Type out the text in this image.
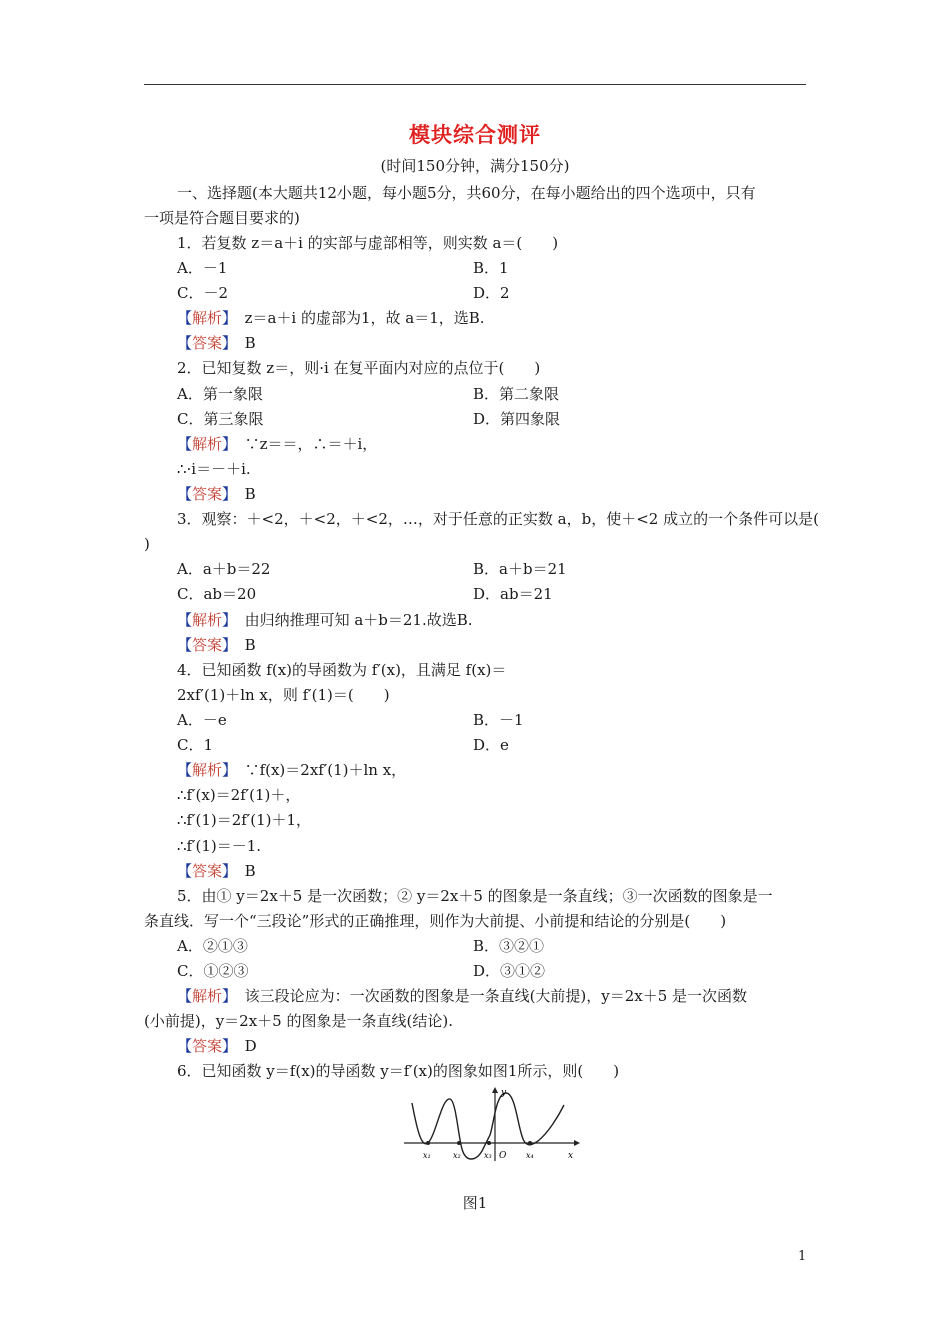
模块综合测评
(时间150分钟，满分150分)
一、选择题(本大题共12小题，每小题5分，共60分，在每小题给出的四个选项中，只有
一项是符合题目要求的)
1．若复数 z＝a＋i 的实部与虚部相等，则实数 a＝(　　)
A．－1	B．1
C．－2	D．2
【解析】　 z＝a＋i 的虚部为1，故 a＝1，选B.
【答案】　 B
2．已知复数 z＝，则·i 在复平面内对应的点位于(　　)
A．第一象限	B．第二象限
C．第三象限	D．第四象限
【解析】　 ∵z＝＝，∴＝＋i，
∴·i＝－＋i.
【答案】　 B
3．观察：＋<2，＋<2，＋<2，…，对于任意的正实数 a，b，使＋<2 成立的一个条件可以是(
)
A．a＋b＝22	B．a＋b＝21
C．ab＝20	D．ab＝21
【解析】　 由归纳推理可知 a＋b＝21.故选B.
【答案】　 B
4．已知函数 f(x)的导函数为 f′(x)，且满足 f(x)＝
2xf′(1)＋ln x，则 f′(1)＝(　　)
A．－e	B．－1
C．1	D．e
【解析】　 ∵f(x)＝2xf′(1)＋ln x，
∴f′(x)＝2f′(1)＋，
∴f′(1)＝2f′(1)＋1，
∴f′(1)＝－1.
【答案】　 B
5．由① y＝2x＋5 是一次函数；② y＝2x＋5 的图象是一条直线；③一次函数的图象是一
条直线．写一个“三段论”形式的正确推理，则作为大前提、小前提和结论的分别是(　　)
A．②①③	B．③②①
C．①②③	D．③①②
【解析】　 该三段论应为：一次函数的图象是一条直线(大前提)，y＝2x＋5 是一次函数
(小前提)，y＝2x＋5 的图象是一条直线(结论).
【答案】　 D
6．已知函数 y＝f(x)的导函数 y＝f′(x)的图象如图1所示，则(　　)
y
x
O
x₁	x₂	x₃	x₄
图1
1
